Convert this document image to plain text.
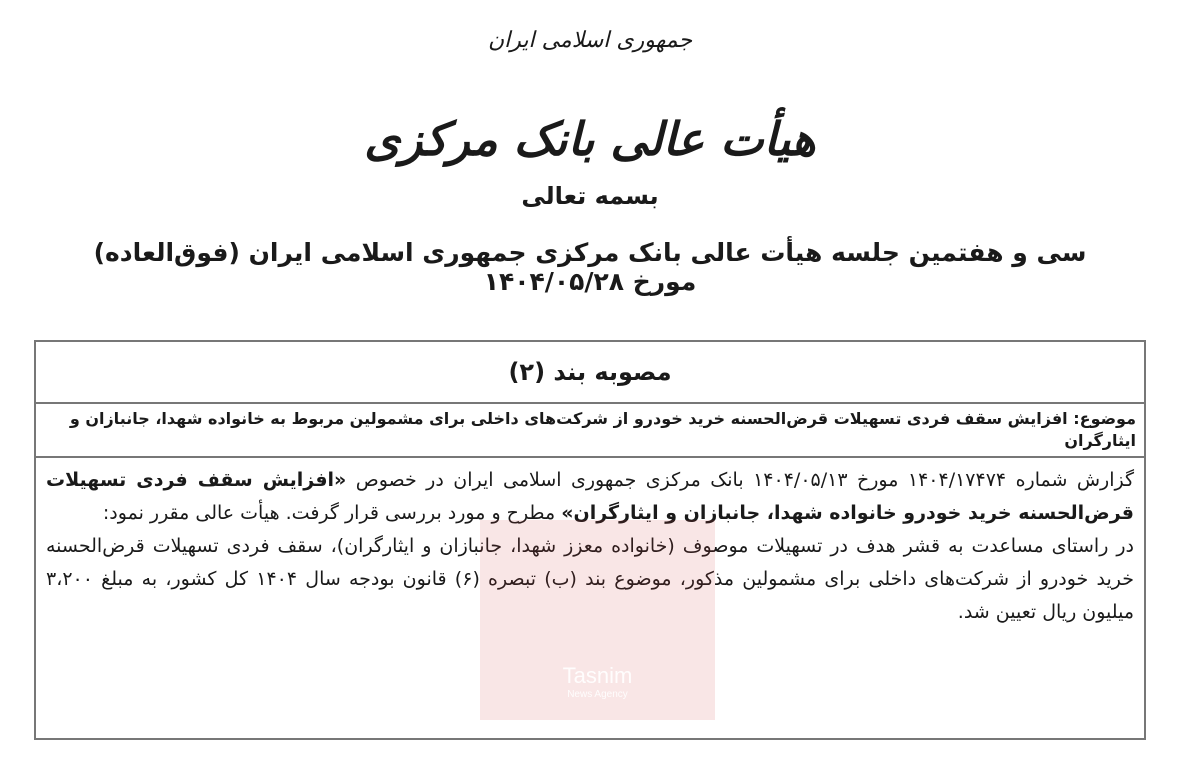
جمهوری اسلامی ایران
هیأت عالی بانک مرکزی
بسمه تعالی
سی و هفتمین جلسه هیأت عالی بانک مرکزی جمهوری اسلامی ایران (فوق‌العاده) مورخ ۱۴۰۴/۰۵/۲۸
مصوبه بند (۲)
موضوع: افزایش سقف فردی تسهیلات قرض‌الحسنه خرید خودرو از شرکت‌های داخلی برای مشمولین مربوط به خانواده شهدا، جانبازان و ایثارگران

گزارش شماره ۱۴۰۴/۱۷۴۷۴ مورخ ۱۴۰۴/۰۵/۱۳ بانک مرکزی جمهوری اسلامی ایران در خصوص «افزایش سقف فردی تسهیلات قرض‌الحسنه خرید خودرو خانواده شهدا، جانبازان و ایثارگران» مطرح و مورد بررسی قرار گرفت. هیأت عالی مقرر نمود:

در راستای مساعدت به قشر هدف در تسهیلات موصوف (خانواده معزز شهدا، جانبازان و ایثارگران)، سقف فردی تسهیلات قرض‌الحسنه خرید خودرو از شرکت‌های داخلی برای مشمولین مذکور، موضوع بند (ب) تبصره (۶) قانون بودجه سال ۱۴۰۴ کل کشور، به مبلغ ۳،۲۰۰ میلیون ریال تعیین شد.

Tasnim
News Agency
